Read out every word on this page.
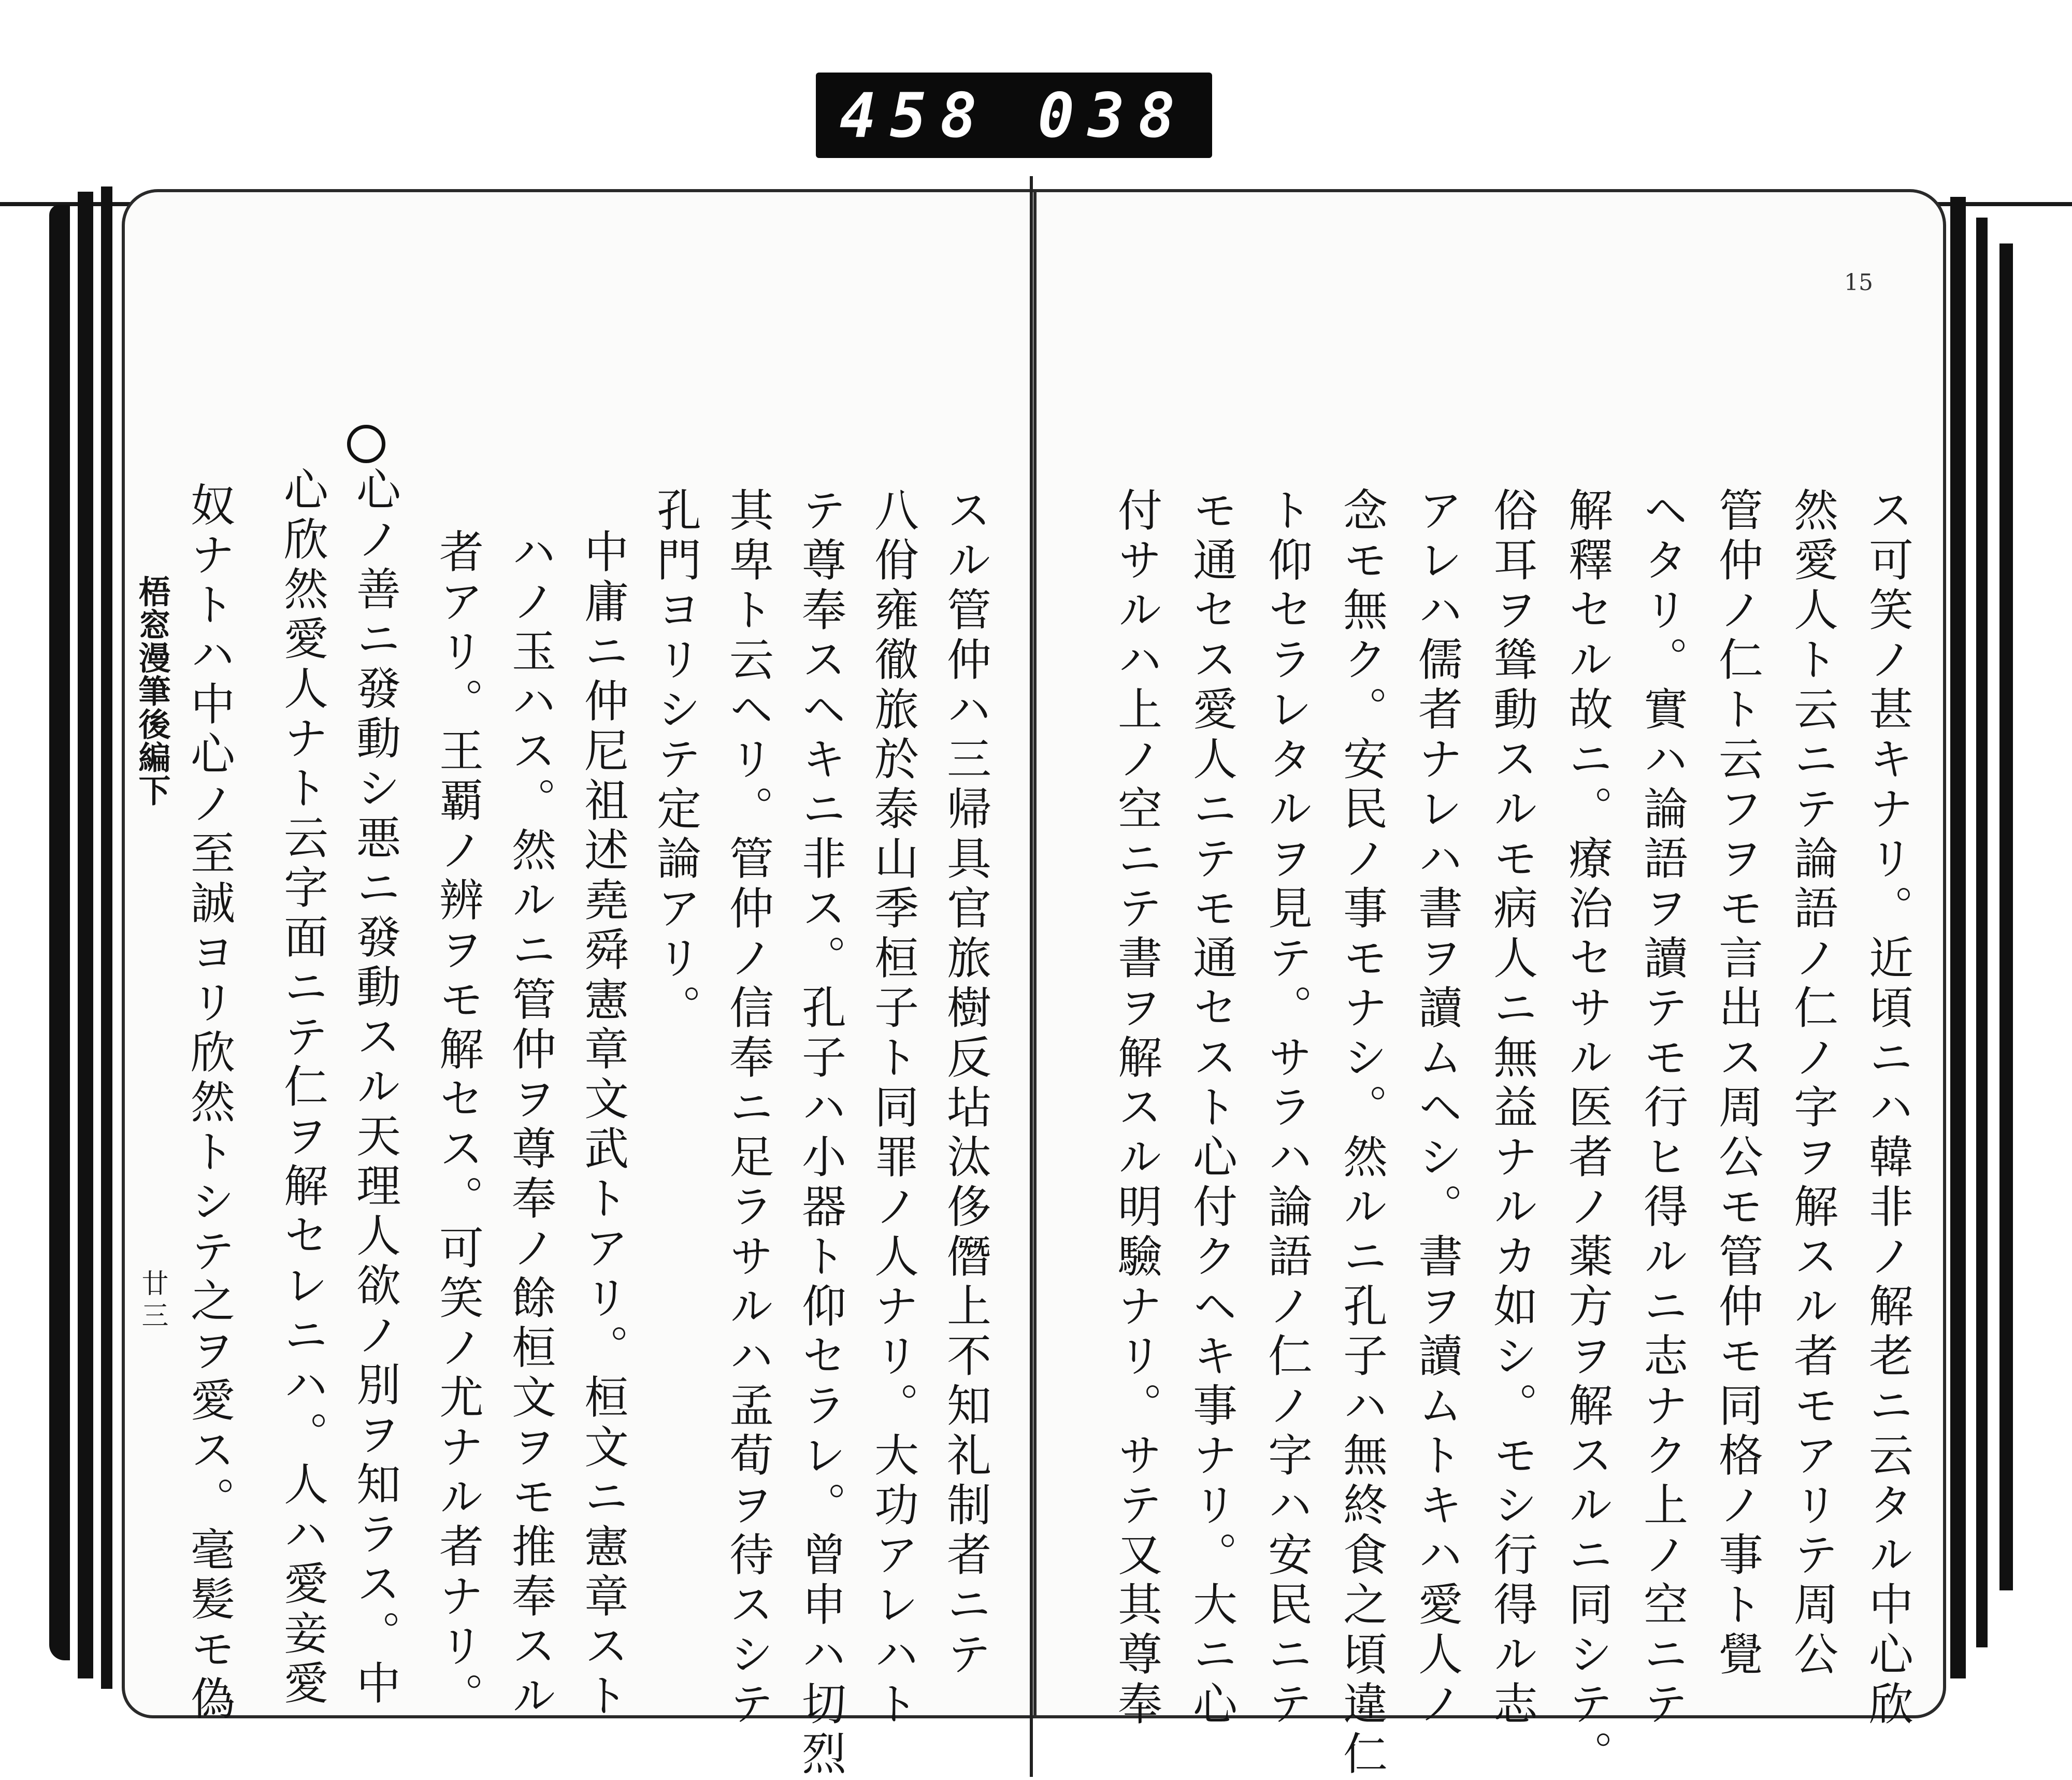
458 038
15
ス可笑ノ甚キナリ。近頃ニハ韓非ノ解老ニ云タル中心欣
然愛人ト云ニテ論語ノ仁ノ字ヲ解スル者モアリテ周公
管仲ノ仁ト云フヲモ言出ス周公モ管仲モ同格ノ事ト覺
ヘタリ。實ハ論語ヲ讀テモ行ヒ得ルニ志ナク上ノ空ニテ
解釋セル故ニ。療治セサル医者ノ薬方ヲ解スルニ同シテ。
俗耳ヲ聳動スルモ病人ニ無益ナルカ如シ。モシ行得ル志
アレハ儒者ナレハ書ヲ讀ムヘシ。書ヲ讀ムトキハ愛人ノ
念モ無ク。安民ノ事モナシ。然ルニ孔子ハ無終食之頃違仁
ト仰セラレタルヲ見テ。サラハ論語ノ仁ノ字ハ安民ニテ
モ通セス愛人ニテモ通セスト心付クヘキ事ナリ。大ニ心
付サルハ上ノ空ニテ書ヲ解スル明驗ナリ。サテ又其尊奉
スル管仲ハ三帰具官旅樹反坫汰侈僭上不知礼制者ニテ
八佾雍徹旅於泰山季桓子ト同罪ノ人ナリ。大功アレハト
テ尊奉スヘキニ非ス。孔子ハ小器ト仰セラレ。曾申ハ切烈
其卑ト云ヘリ。管仲ノ信奉ニ足ラサルハ孟荀ヲ待スシテ
孔門ヨリシテ定論アリ。
中庸ニ仲尼祖述堯舜憲章文武トアリ。桓文ニ憲章スト
ハノ玉ハス。然ルニ管仲ヲ尊奉ノ餘桓文ヲモ推奉スル
者アリ。王覇ノ辨ヲモ解セス。可笑ノ尤ナル者ナリ。
心ノ善ニ發動シ悪ニ發動スル天理人欲ノ別ヲ知ラス。中
心欣然愛人ナト云字面ニテ仁ヲ解セレニハ。人ハ愛妾愛
奴ナトハ中心ノ至誠ヨリ欣然トシテ之ヲ愛ス。毫髪モ偽
梧窓漫筆後編下
廿三
